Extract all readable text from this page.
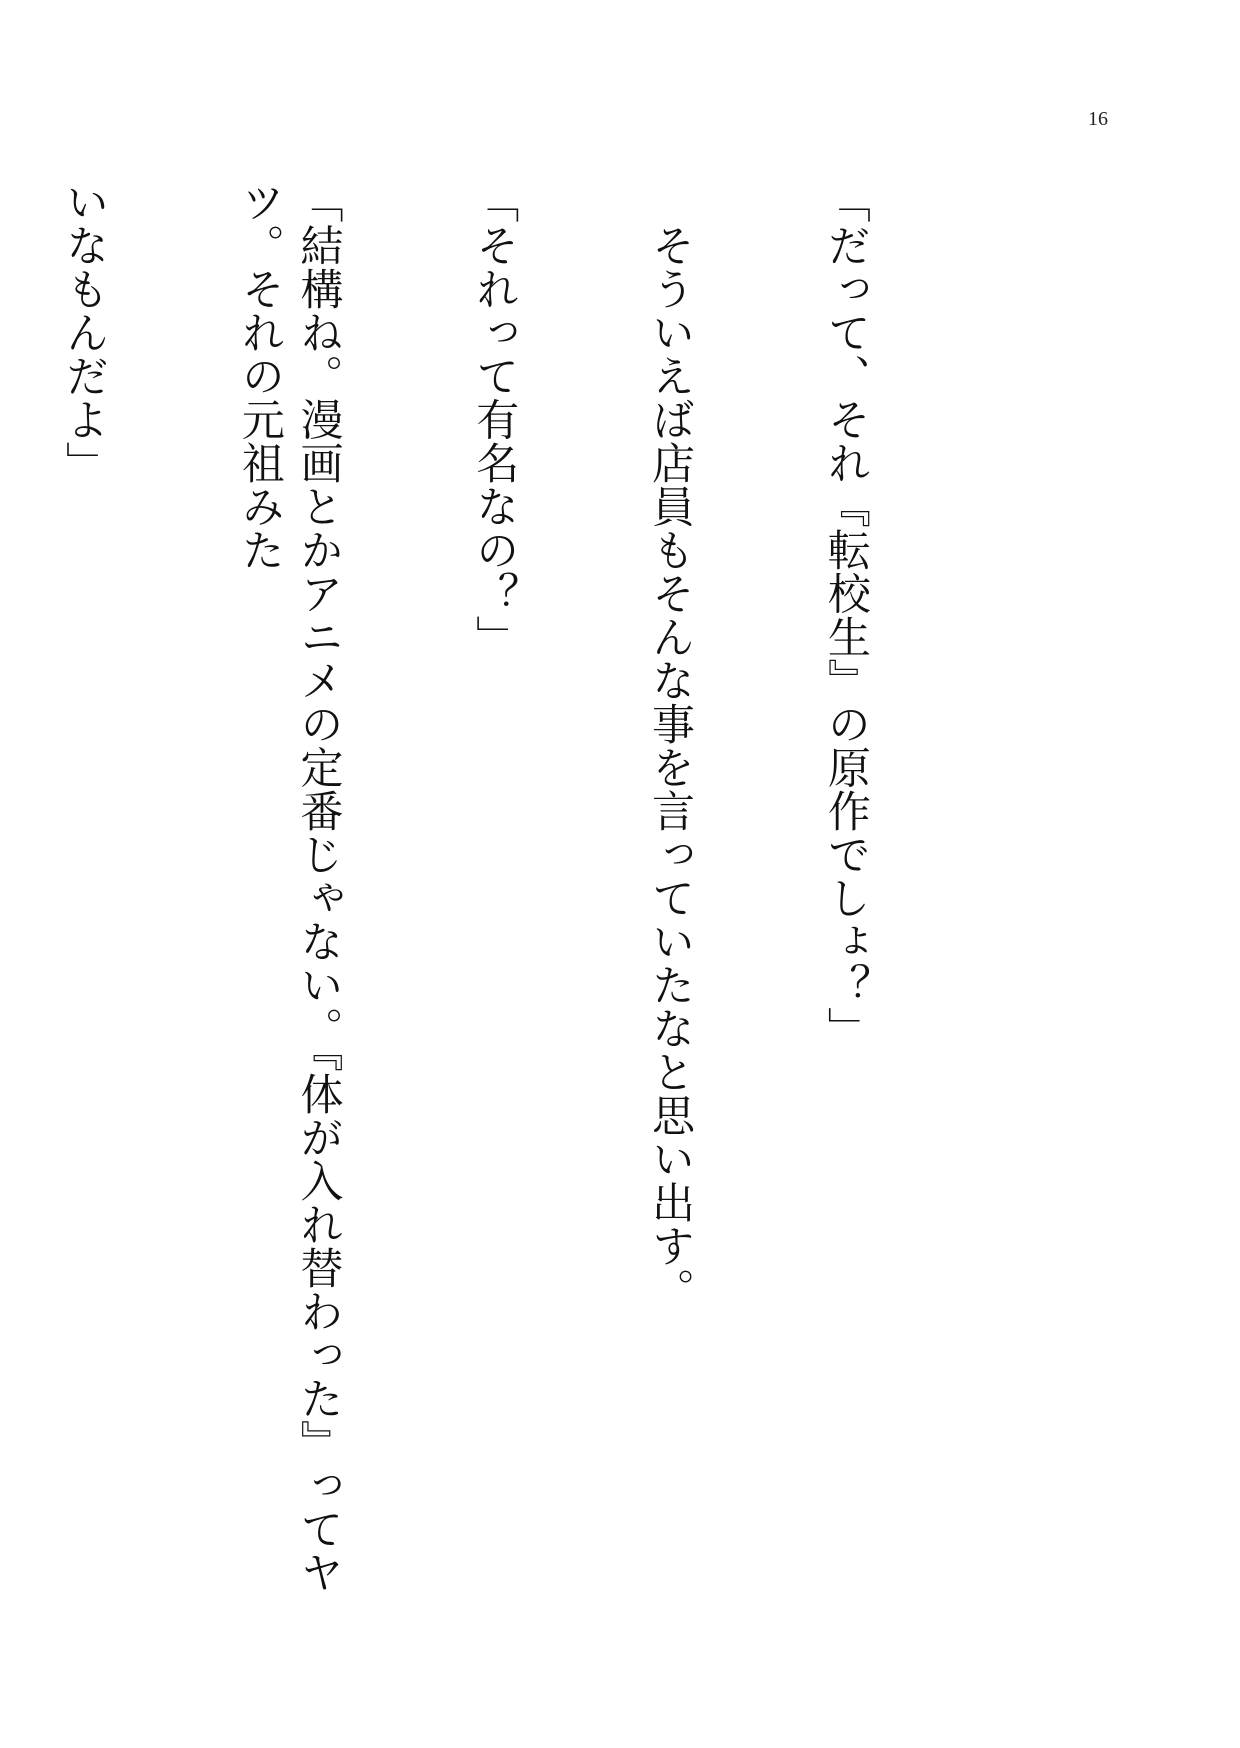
16

「だって、それ『転校生』の原作でしょ？」

　そういえば店員もそんな事を言っていたなと思い出す。

「それって有名なの？」

「結構ね。漫画とかアニメの定番じゃない。『体が入れ替わった』ってヤツ。それの元祖みた

いなもんだよ」
